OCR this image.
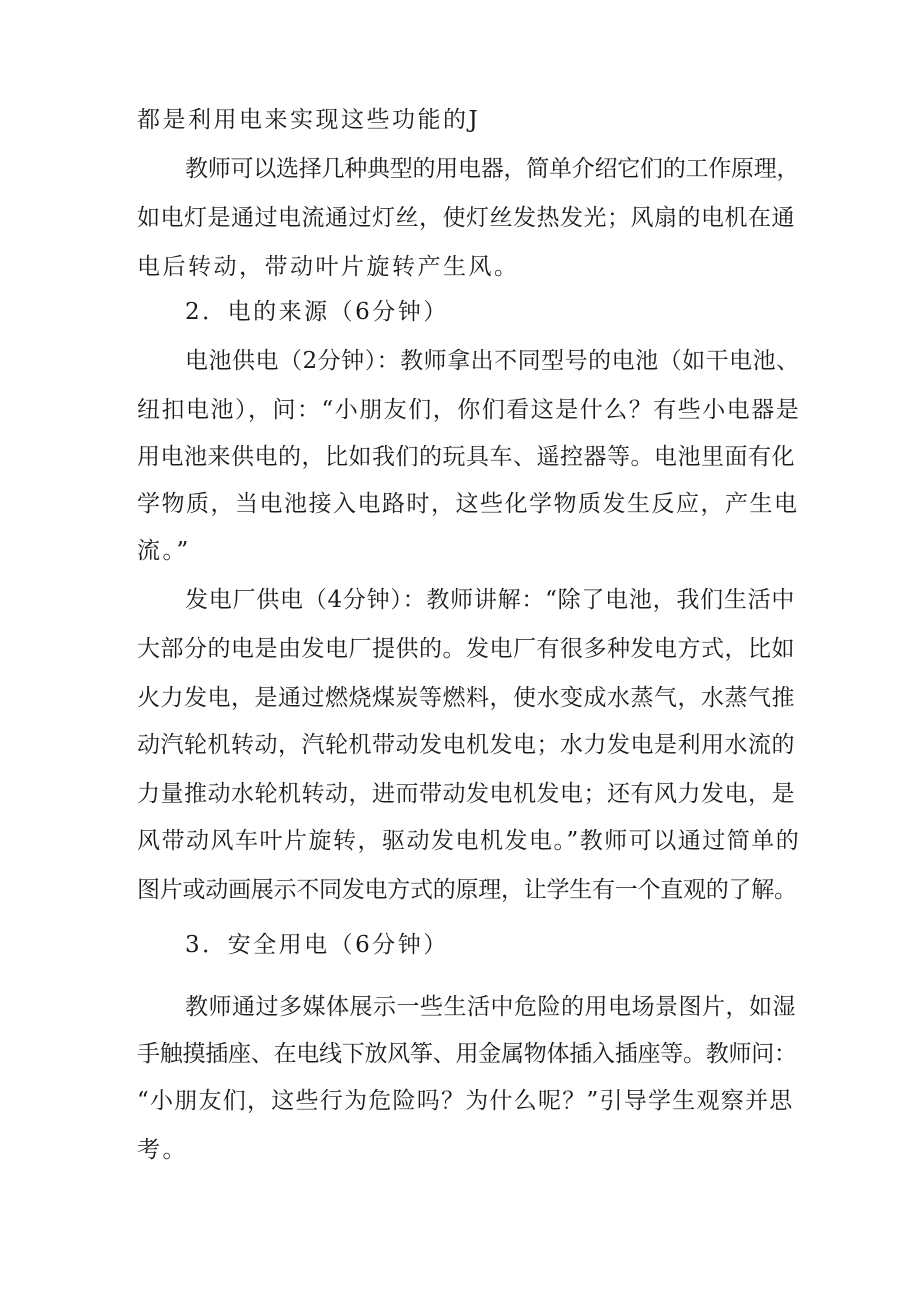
都是利用电来实现这些功能的J
教师可以选择几种典型的用电器，简单介绍它们的工作原理，
如电灯是通过电流通过灯丝，使灯丝发热发光；风扇的电机在通
电后转动，带动叶片旋转产生风。
2．电的来源（6分钟）
电池供电（2分钟）：教师拿出不同型号的电池（如干电池、
纽扣电池），问：“小朋友们，你们看这是什么？有些小电器是
用电池来供电的，比如我们的玩具车、遥控器等。电池里面有化
学物质，当电池接入电路时，这些化学物质发生反应，产生电
流。”
发电厂供电（4分钟）：教师讲解：“除了电池，我们生活中
大部分的电是由发电厂提供的。发电厂有很多种发电方式，比如
火力发电，是通过燃烧煤炭等燃料，使水变成水蒸气，水蒸气推
动汽轮机转动，汽轮机带动发电机发电；水力发电是利用水流的
力量推动水轮机转动，进而带动发电机发电；还有风力发电，是
风带动风车叶片旋转，驱动发电机发电。”教师可以通过简单的
图片或动画展示不同发电方式的原理，让学生有一个直观的了解。
3．安全用电（6分钟）
教师通过多媒体展示一些生活中危险的用电场景图片，如湿
手触摸插座、在电线下放风筝、用金属物体插入插座等。教师问：
“小朋友们，这些行为危险吗？为什么呢？”引导学生观察并思
考。
